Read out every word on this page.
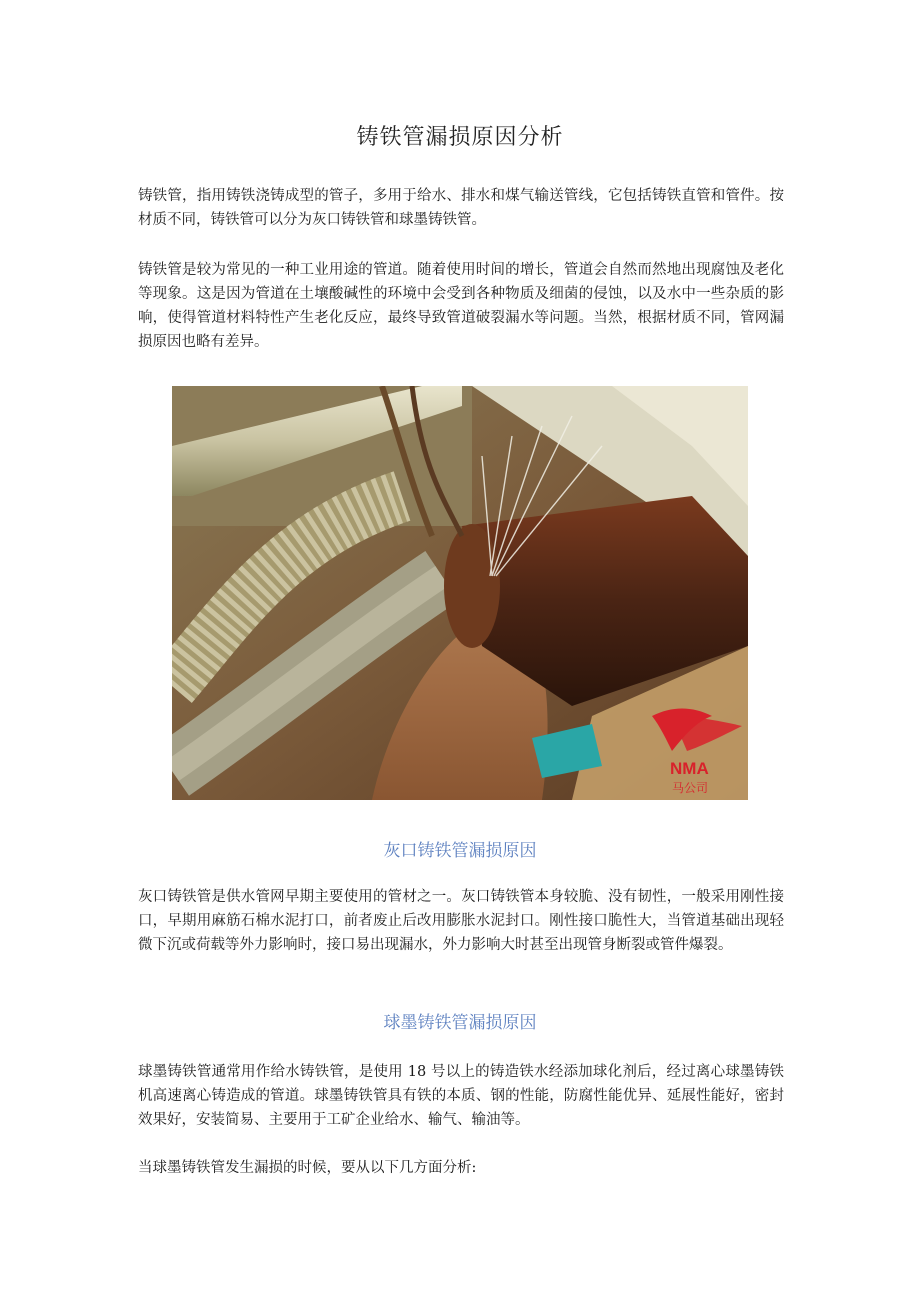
铸铁管漏损原因分析

铸铁管，指用铸铁浇铸成型的管子，多用于给水、排水和煤气输送管线，它包括铸铁直管和管件。按材质不同，铸铁管可以分为灰口铸铁管和球墨铸铁管。

铸铁管是较为常见的一种工业用途的管道。随着使用时间的增长，管道会自然而然地出现腐蚀及老化等现象。这是因为管道在土壤酸碱性的环境中会受到各种物质及细菌的侵蚀，以及水中一些杂质的影响，使得管道材料特性产生老化反应，最终导致管道破裂漏水等问题。当然，根据材质不同，管网漏损原因也略有差异。

NMA
马公司
灰口铸铁管漏损原因

灰口铸铁管是供水管网早期主要使用的管材之一。灰口铸铁管本身较脆、没有韧性，一般采用刚性接口，早期用麻筋石棉水泥打口，前者废止后改用膨胀水泥封口。刚性接口脆性大，当管道基础出现轻微下沉或荷载等外力影响时，接口易出现漏水，外力影响大时甚至出现管身断裂或管件爆裂。

球墨铸铁管漏损原因

球墨铸铁管通常用作给水铸铁管，是使用 18 号以上的铸造铁水经添加球化剂后，经过离心球墨铸铁机高速离心铸造成的管道。球墨铸铁管具有铁的本质、钢的性能，防腐性能优异、延展性能好，密封效果好，安装简易、主要用于工矿企业给水、输气、输油等。

当球墨铸铁管发生漏损的时候，要从以下几方面分析:
